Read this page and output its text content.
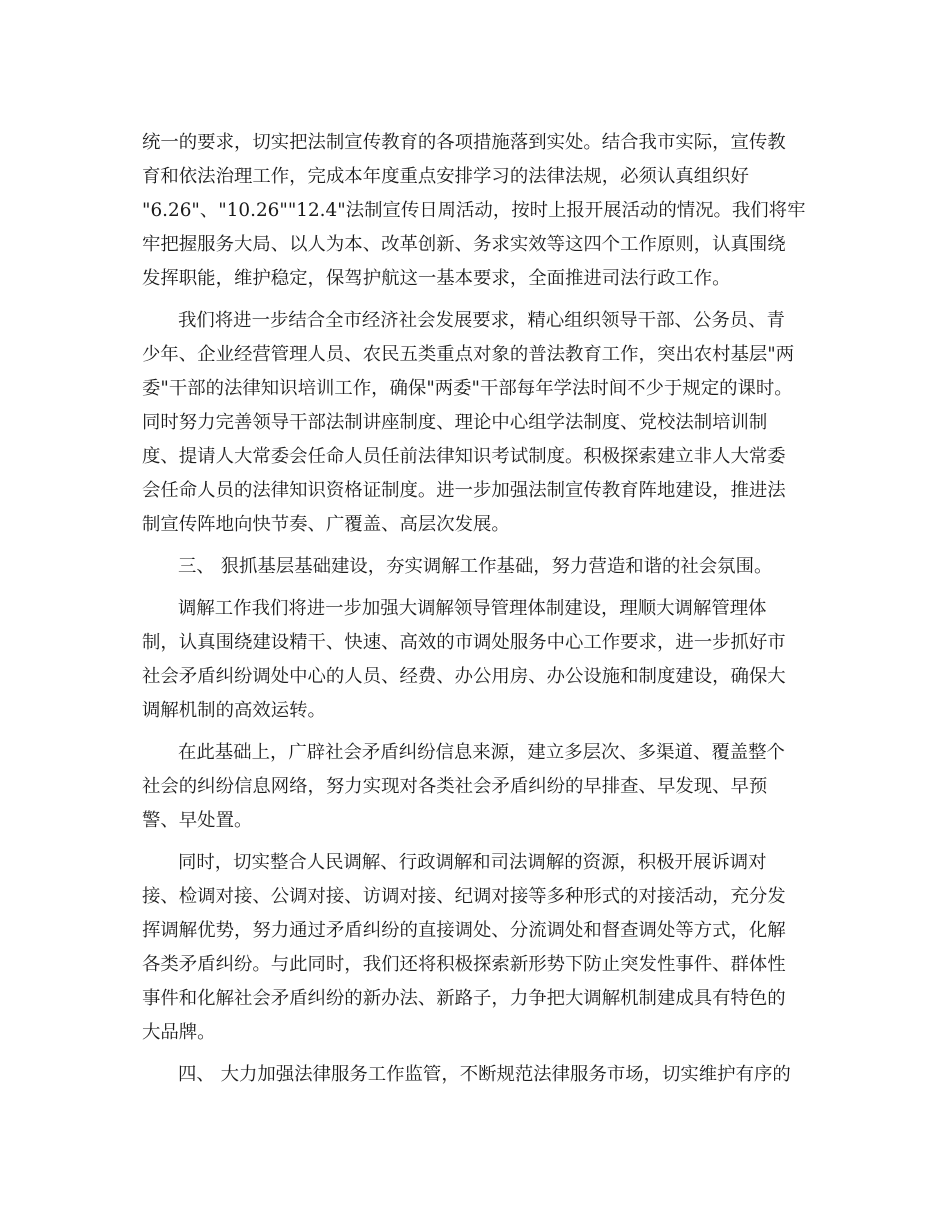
统一的要求，切实把法制宣传教育的各项措施落到实处。结合我市实际，宣传教
育和依法治理工作，完成本年度重点安排学习的法律法规，必须认真组织好
"6.26"、"10.26""12.4"法制宣传日周活动，按时上报开展活动的情况。我们将牢
牢把握服务大局、以人为本、改革创新、务求实效等这四个工作原则，认真围绕
发挥职能，维护稳定，保驾护航这一基本要求，全面推进司法行政工作。
我们将进一步结合全市经济社会发展要求，精心组织领导干部、公务员、青
少年、企业经营管理人员、农民五类重点对象的普法教育工作，突出农村基层"两
委"干部的法律知识培训工作，确保"两委"干部每年学法时间不少于规定的课时。
同时努力完善领导干部法制讲座制度、理论中心组学法制度、党校法制培训制
度、提请人大常委会任命人员任前法律知识考试制度。积极探索建立非人大常委
会任命人员的法律知识资格证制度。进一步加强法制宣传教育阵地建设，推进法
制宣传阵地向快节奏、广覆盖、高层次发展。
三、 狠抓基层基础建设，夯实调解工作基础，努力营造和谐的社会氛围。
调解工作我们将进一步加强大调解领导管理体制建设，理顺大调解管理体
制，认真围绕建设精干、快速、高效的市调处服务中心工作要求，进一步抓好市
社会矛盾纠纷调处中心的人员、经费、办公用房、办公设施和制度建设，确保大
调解机制的高效运转。
在此基础上，广辟社会矛盾纠纷信息来源，建立多层次、多渠道、覆盖整个
社会的纠纷信息网络，努力实现对各类社会矛盾纠纷的早排查、早发现、早预
警、早处置。
同时，切实整合人民调解、行政调解和司法调解的资源，积极开展诉调对
接、检调对接、公调对接、访调对接、纪调对接等多种形式的对接活动，充分发
挥调解优势，努力通过矛盾纠纷的直接调处、分流调处和督查调处等方式，化解
各类矛盾纠纷。与此同时，我们还将积极探索新形势下防止突发性事件、群体性
事件和化解社会矛盾纠纷的新办法、新路子，力争把大调解机制建成具有特色的
大品牌。
四、 大力加强法律服务工作监管，不断规范法律服务市场，切实维护有序的
